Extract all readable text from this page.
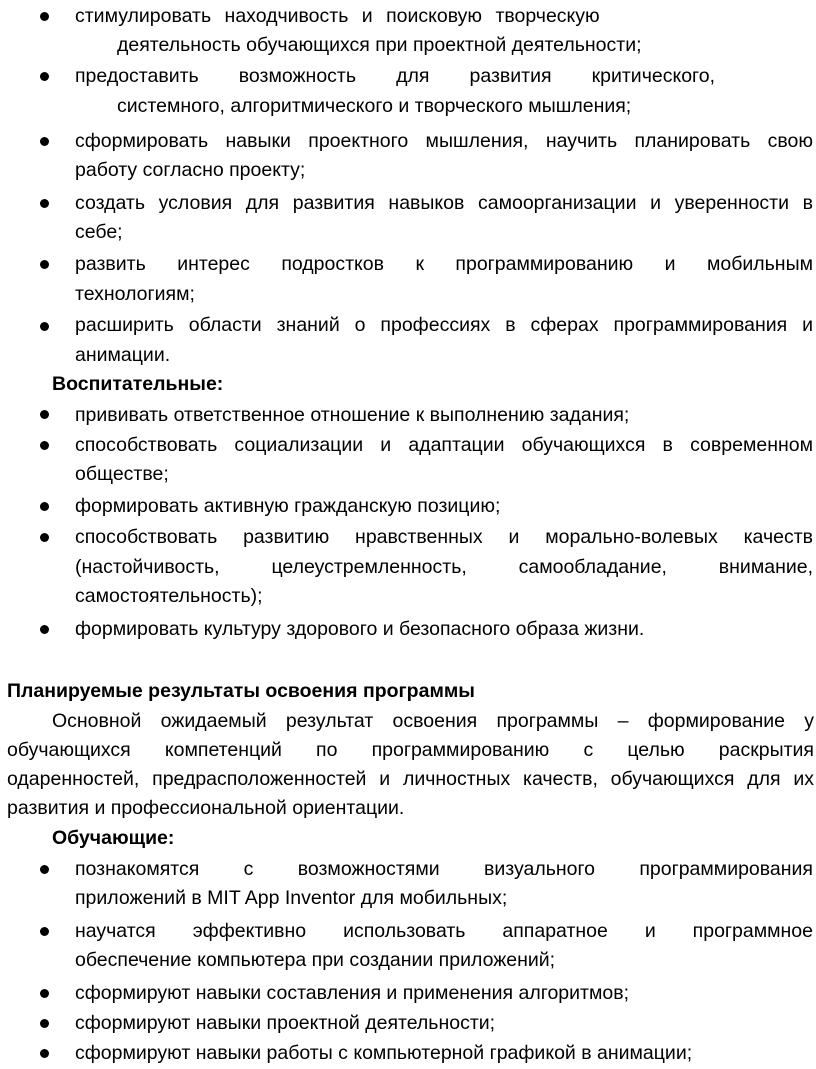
стимулировать находчивость и поисковую творческую
деятельность обучающихся при проектной деятельности;
предоставить возможность для развития критического,
системного, алгоритмического и творческого мышления;
сформировать навыки проектного мышления, научить планировать свою
работу согласно проекту;
создать условия для развития навыков самоорганизации и уверенности в
себе;
развить интерес подростков к программированию и мобильным
технологиям;
расширить области знаний о профессиях в сферах программирования и
анимации.
Воспитательные:
прививать ответственное отношение к выполнению задания;
способствовать социализации и адаптации обучающихся в современном
обществе;
формировать активную гражданскую позицию;
способствовать развитию нравственных и морально-волевых качеств
(настойчивость, целеустремленность, самообладание, внимание,
самостоятельность);
формировать культуру здорового и безопасного образа жизни.
Планируемые результаты освоения программы
Основной ожидаемый результат освоения программы – формирование у
обучающихся компетенций по программированию с целью раскрытия
одаренностей, предрасположенностей и личностных качеств, обучающихся для их
развития и профессиональной ориентации.
Обучающие:
познакомятся с возможностями визуального программирования
приложений в MIT App Inventor для мобильных;
научатся эффективно использовать аппаратное и программное
обеспечение компьютера при создании приложений;
сформируют навыки составления и применения алгоритмов;
сформируют навыки проектной деятельности;
сформируют навыки работы с компьютерной графикой в анимации;
